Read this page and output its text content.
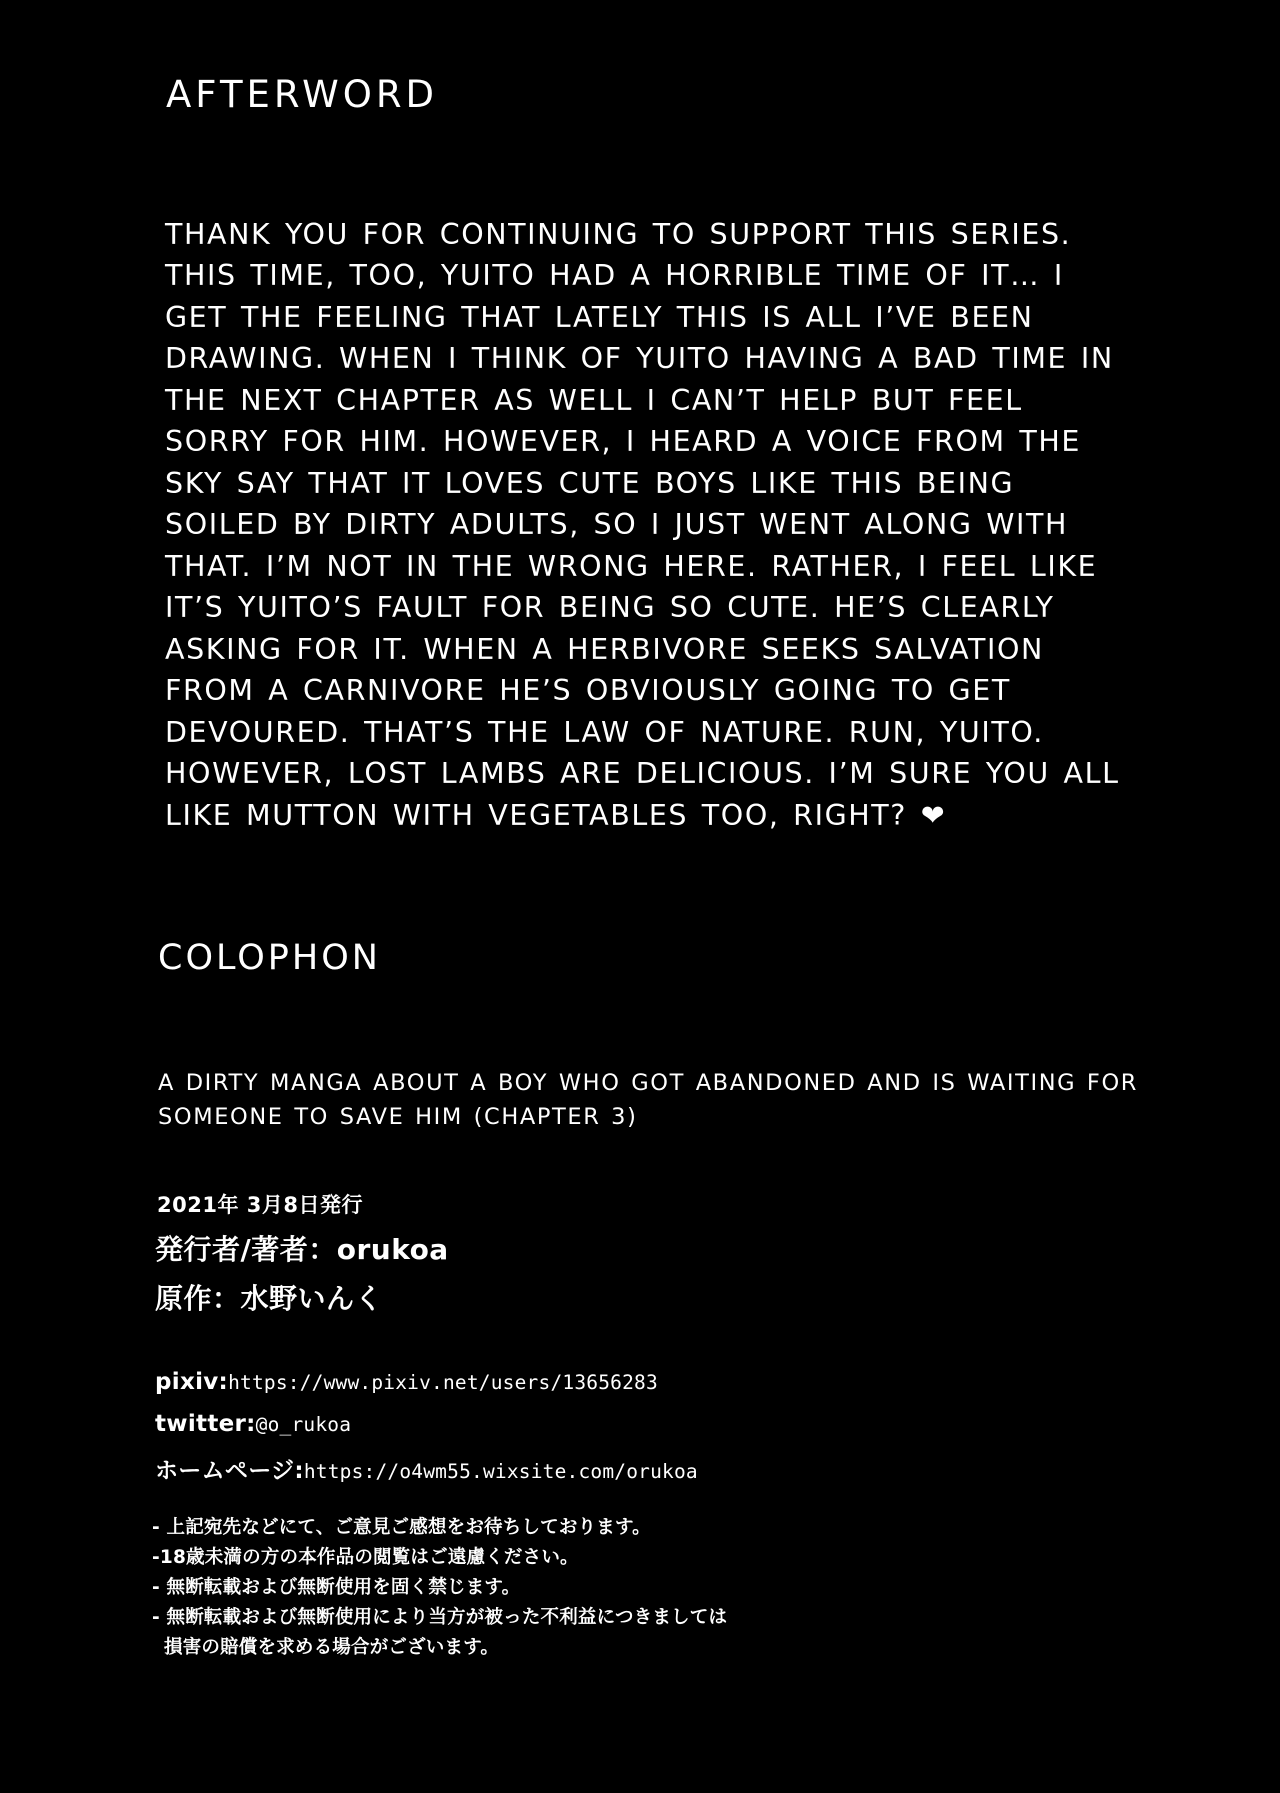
AFTERWORD

THANK YOU FOR CONTINUING TO SUPPORT THIS SERIES. THIS TIME, TOO, YUITO HAD A HORRIBLE TIME OF IT… I GET THE FEELING THAT LATELY THIS IS ALL I’VE BEEN DRAWING. WHEN I THINK OF YUITO HAVING A BAD TIME IN THE NEXT CHAPTER AS WELL I CAN’T HELP BUT FEEL SORRY FOR HIM. HOWEVER, I HEARD A VOICE FROM THE SKY SAY THAT IT LOVES CUTE BOYS LIKE THIS BEING SOILED BY DIRTY ADULTS, SO I JUST WENT ALONG WITH THAT. I’M NOT IN THE WRONG HERE. RATHER, I FEEL LIKE IT’S YUITO’S FAULT FOR BEING SO CUTE. HE’S CLEARLY ASKING FOR IT. WHEN A HERBIVORE SEEKS SALVATION FROM A CARNIVORE HE’S OBVIOUSLY GOING TO GET DEVOURED. THAT’S THE LAW OF NATURE. RUN, YUITO. HOWEVER, LOST LAMBS ARE DELICIOUS. I’M SURE YOU ALL LIKE MUTTON WITH VEGETABLES TOO, RIGHT? ❤

COLOPHON

A DIRTY MANGA ABOUT A BOY WHO GOT ABANDONED AND IS WAITING FOR SOMEONE TO SAVE HIM (CHAPTER 3)

2021年 3月8日発行
発行者/著者：orukoa
原作：水野いんく
pixiv:https://www.pixiv.net/users/13656283
twitter:@o_rukoa
ホームページ:https://o4wm55.wixsite.com/orukoa
- 上記宛先などにて、ご意見ご感想をお待ちしております。
-18歳未満の方の本作品の閲覧はご遠慮ください。
- 無断転載および無断使用を固く禁じます。
- 無断転載および無断使用により当方が被った不利益につきましては
損害の賠償を求める場合がございます。
